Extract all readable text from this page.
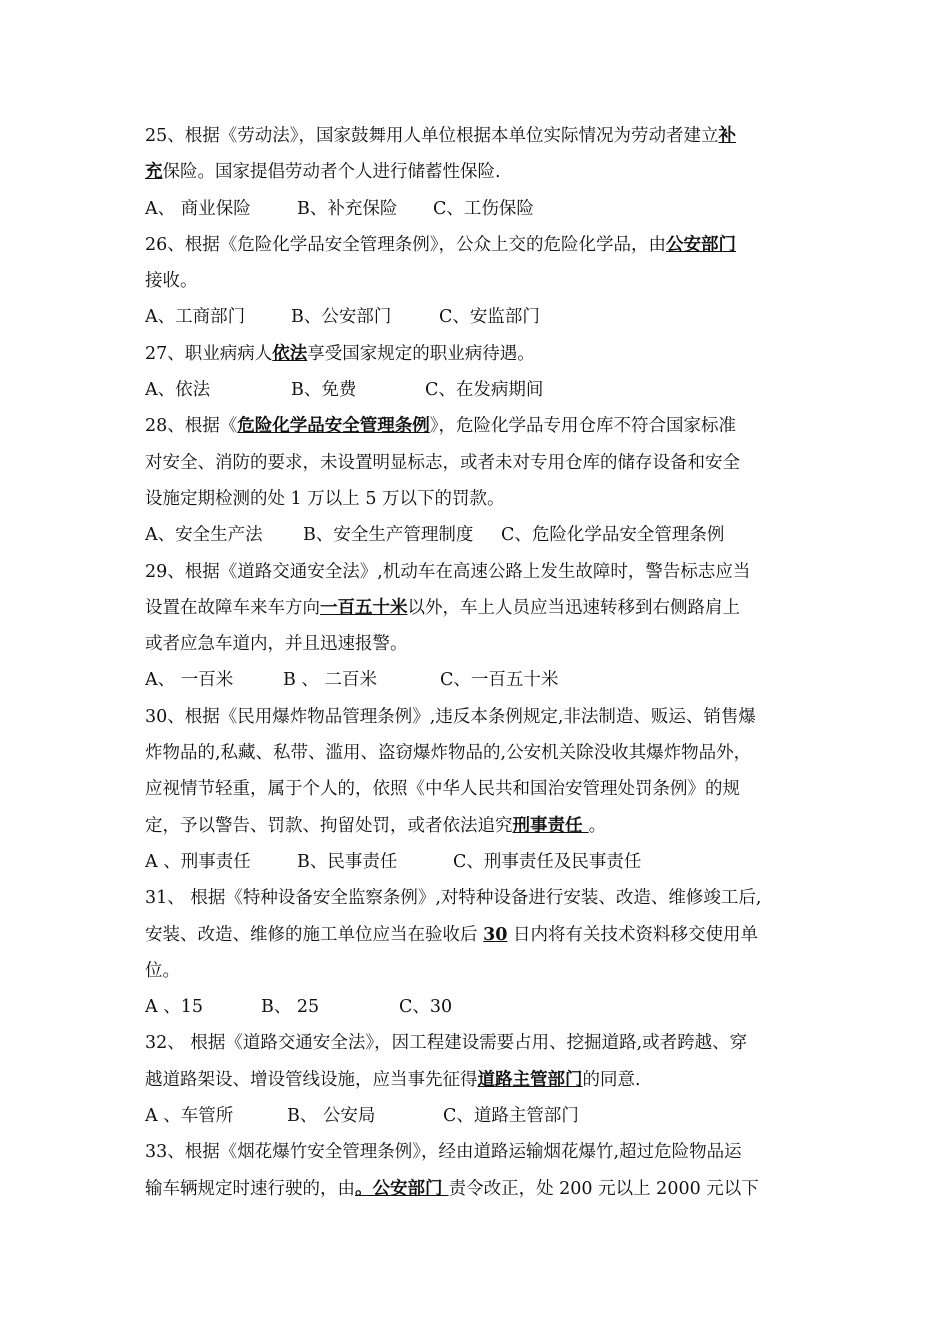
25、根据《劳动法》，国家鼓舞用人单位根据本单位实际情况为劳动者建立补
充保险。国家提倡劳动者个人进行储蓄性保险.
A、 商业保险	B、补充保险 C、工伤保险
26、根据《危险化学品安全管理条例》，公众上交的危险化学品，由公安部门
接收。
A、工商部门	B、公安部门	C、安监部门
27、职业病病人依法享受国家规定的职业病待遇。
A、依法	B、免费	C、在发病期间
28、根据《危险化学品安全管理条例》，危险化学品专用仓库不符合国家标准
对安全、消防的要求，未设置明显标志，或者未对专用仓库的储存设备和安全
设施定期检测的处 1 万以上 5 万以下的罚款。
A、安全生产法 B、安全生产管理制度 C、危险化学品安全管理条例
29、根据《道路交通安全法》,机动车在高速公路上发生故障时，警告标志应当
设置在故障车来车方向一百五十米以外，车上人员应当迅速转移到右侧路肩上
或者应急车道内，并且迅速报警。
A、 一百米	B 、 二百米	C、一百五十米
30、根据《民用爆炸物品管理条例》,违反本条例规定,非法制造、贩运、销售爆
炸物品的,私藏、私带、滥用、盗窃爆炸物品的,公安机关除没收其爆炸物品外，
应视情节轻重，属于个人的，依照《中华人民共和国治安管理处罚条例》的规
定，予以警告、罚款、拘留处罚，或者依法追究刑事责任 。
A 、刑事责任	B、民事责任	C、刑事责任及民事责任
31、 根据《特种设备安全监察条例》,对特种设备进行安装、改造、维修竣工后,
安装、改造、维修的施工单位应当在验收后 30 日内将有关技术资料移交使用单
位。
A 、15	B、 25	C、30
32、 根据《道路交通安全法》，因工程建设需要占用、挖掘道路,或者跨越、穿
越道路架设、增设管线设施，应当事先征得道路主管部门的同意.
A 、车管所	B、 公安局	C、道路主管部门
33、根据《烟花爆竹安全管理条例》，经由道路运输烟花爆竹,超过危险物品运
输车辆规定时速行驶的，由。公安部门 责令改正，处 200 元以上 2000 元以下
